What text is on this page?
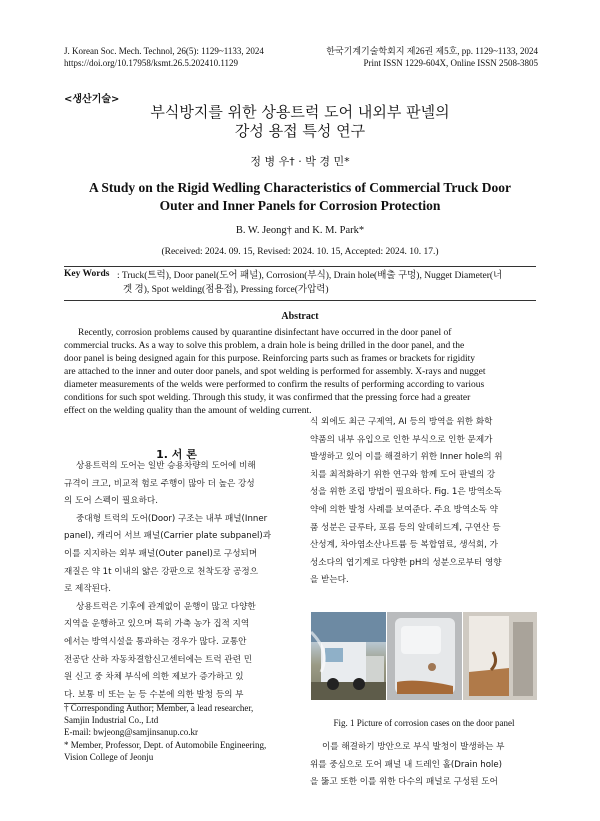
J. Korean Soc. Mech. Technol, 26(5): 1129~1133, 2024
https://doi.org/10.17958/ksmt.26.5.202410.1129
한국기계기술학회지 제26권 제5호, pp. 1129~1133, 2024
Print ISSN 1229-604X, Online ISSN 2508-3805
<생산기술>
부식방지를 위한 상용트럭 도어 내외부 판넬의
강성 용접 특성 연구
정 병 우† · 박 경 민*
A Study on the Rigid Wedling Characteristics of Commercial Truck Door
Outer and Inner Panels for Corrosion Protection
B. W. Jeong† and K. M. Park*
(Received: 2024. 09. 15, Revised: 2024. 10. 15, Accepted: 2024. 10. 17.)
Key Words : Truck(트럭), Door panel(도어 패널), Corrosion(부식), Drain hole(배출 구멍), Nugget Diameter(너
겟 경), Spot welding(점용접), Pressing force(가압력)
Abstract
Recently, corrosion problems caused by quarantine disinfectant have occurred in the door panel of
commercial trucks. As a way to solve this problem, a drain hole is being drilled in the door panel, and the
door panel is being designed again for this purpose. Reinforcing parts such as frames or brackets for rigidity
are attached to the inner and outer door panels, and spot welding is performed for assembly. X-rays and nugget
diameter measurements of the welds were performed to confirm the results of performing according to various
conditions for such spot welding. Through this study, it was confirmed that the pressing force had a greater
effect on the welding quality than the amount of welding current.
1. 서 론
상용트럭의 도어는 일반 승용차량의 도어에 비해
규격이 크고, 비교적 험로 주행이 많아 더 높은 강성
의 도어 스펙이 필요하다.
중대형 트럭의 도어(Door) 구조는 내부 패널(Inner
panel), 캐리어 서브 패널(Carrier plate subpanel)과
이를 지지하는 외부 패널(Outer panel)로 구성되며
재질은 약 1t 이내의 얇은 강판으로 천착도장 공정으
로 제작된다.
상용트럭은 기후에 관계없이 운행이 많고 다양한
지역을 운행하고 있으며 특히 가축 농가 집적 지역
에서는 방역시설을 통과하는 경우가 많다. 교통안
전공단 산하 자동차결함신고센터에는 트럭 관련 민
원 신고 중 차체 부식에 의한 제보가 증가하고 있
다. 보통 비 또는 눈 등 수분에 의한 발청 등의 부
† Corresponding Author; Member, a lead researcher,
Samjin Industrial Co., Ltd
E-mail: bwjeong@samjinsanup.co.kr
* Member, Professor, Dept. of Automobile Engineering,
Vision College of Jeonju
식 외에도 최근 구제역, AI 등의 방역을 위한 화학
약품의 내부 유입으로 인한 부식으로 인한 문제가
발생하고 있어 이를 해결하기 위한 Inner hole의 위
치를 최적화하기 위한 연구와 함께 도어 판넬의 강
성을 위한 조립 방법이 필요하다. Fig. 1은 방역소독
약에 의한 발청 사례를 보여준다. 주요 방역소독 약
품 성분은 글루타, 포름 등의 알데히드계, 구연산 등
산성계, 차아염소산나트륨 등 복합염료, 생석회, 가
성소다의 엽기계로 다양한 pH의 성분으로부터 영향
을 받는다.
Fig. 1 Picture of corrosion cases on the door panel
이를 해결하기 방안으로 부식 발청이 발생하는 부
위를 중심으로 도어 패널 내 드레인 홀(Drain hole)
을 뚫고 또한 이를 위한 다수의 패널로 구성된 도어
